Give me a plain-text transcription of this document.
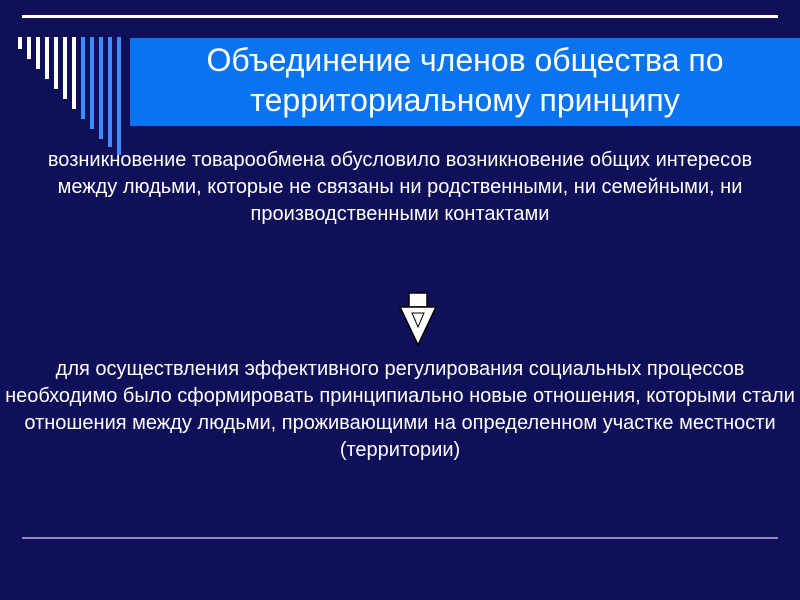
Объединение членов общества по территориальному принципу
возникновение товарообмена обусловило возникновение общих интересов между людьми, которые не связаны ни родственными, ни семейными, ни производственными контактами
для осуществления эффективного регулирования социальных процессов необходимо было сформировать принципиально новые отношения, которыми стали отношения между людьми, проживающими на определенном участке местности (территории)
